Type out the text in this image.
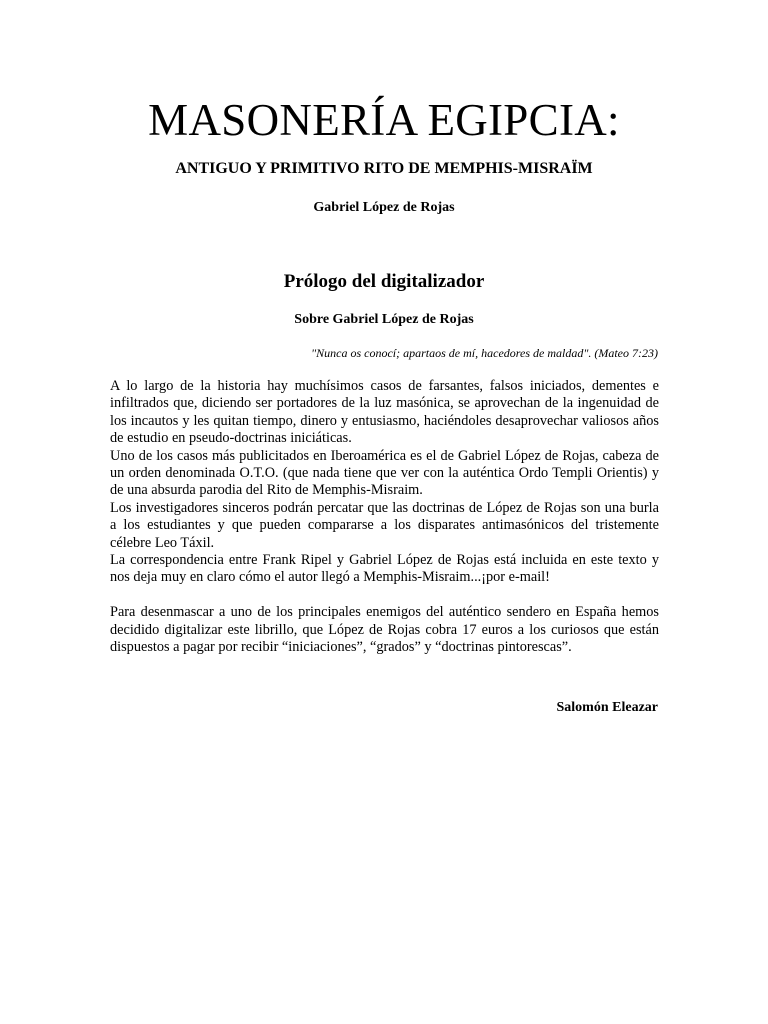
MASONERÍA EGIPCIA:
ANTIGUO Y PRIMITIVO RITO DE MEMPHIS-MISRAÏM
Gabriel López de Rojas
Prólogo del digitalizador
Sobre Gabriel López de Rojas
"Nunca os conocí; apartaos de mí, hacedores de maldad". (Mateo 7:23)

A lo largo de la historia hay muchísimos casos de farsantes, falsos iniciados, dementes e infiltrados que, diciendo ser portadores de la luz masónica, se aprovechan de la ingenuidad de los incautos y les quitan tiempo, dinero y entusiasmo, haciéndoles desaprovechar valiosos años de estudio en pseudo-doctrinas iniciáticas.

Uno de los casos más publicitados en Iberoamérica es el de Gabriel López de Rojas, cabeza de un orden denominada O.T.O. (que nada tiene que ver con la auténtica Ordo Templi Orientis) y de una absurda parodia del Rito de Memphis-Misraim.

Los investigadores sinceros podrán percatar que las doctrinas de López de Rojas son una burla a los estudiantes y que pueden compararse a los disparates antimasónicos del tristemente célebre Leo Táxil.

La correspondencia entre Frank Ripel y Gabriel López de Rojas está incluida en este texto y nos deja muy en claro cómo el autor llegó a Memphis-Misraim...¡por e-mail!

Para desenmascar a uno de los principales enemigos del auténtico sendero en España hemos decidido digitalizar este librillo, que López de Rojas cobra 17 euros a los curiosos que están dispuestos a pagar por recibir “iniciaciones”, “grados” y “doctrinas pintorescas”.

Salomón Eleazar
